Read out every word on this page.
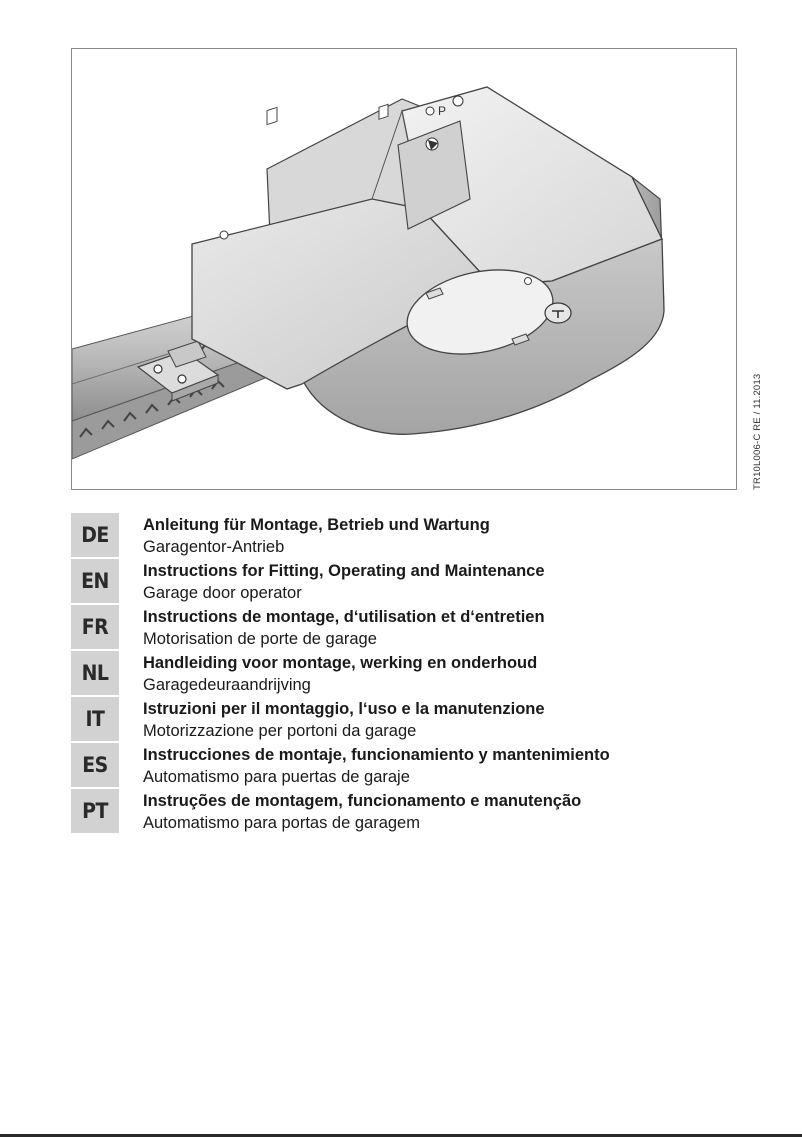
P
TR10L006-C RE / 11.2013
DE	Anleitung für Montage, Betrieb und Wartung
Garagentor-Antrieb
EN	Instructions for Fitting, Operating and Maintenance
Garage door operator
FR	Instructions de montage, d‘utilisation et d‘entretien
Motorisation de porte de garage
NL	Handleiding voor montage, werking en onderhoud
Garagedeuraandrijving
IT	Istruzioni per il montaggio, l‘uso e la manutenzione
Motorizzazione per portoni da garage
ES	Instrucciones de montaje, funcionamiento y mantenimiento
Automatismo para puertas de garaje
PT	Instruções de montagem, funcionamento e manutenção
Automatismo para portas de garagem
